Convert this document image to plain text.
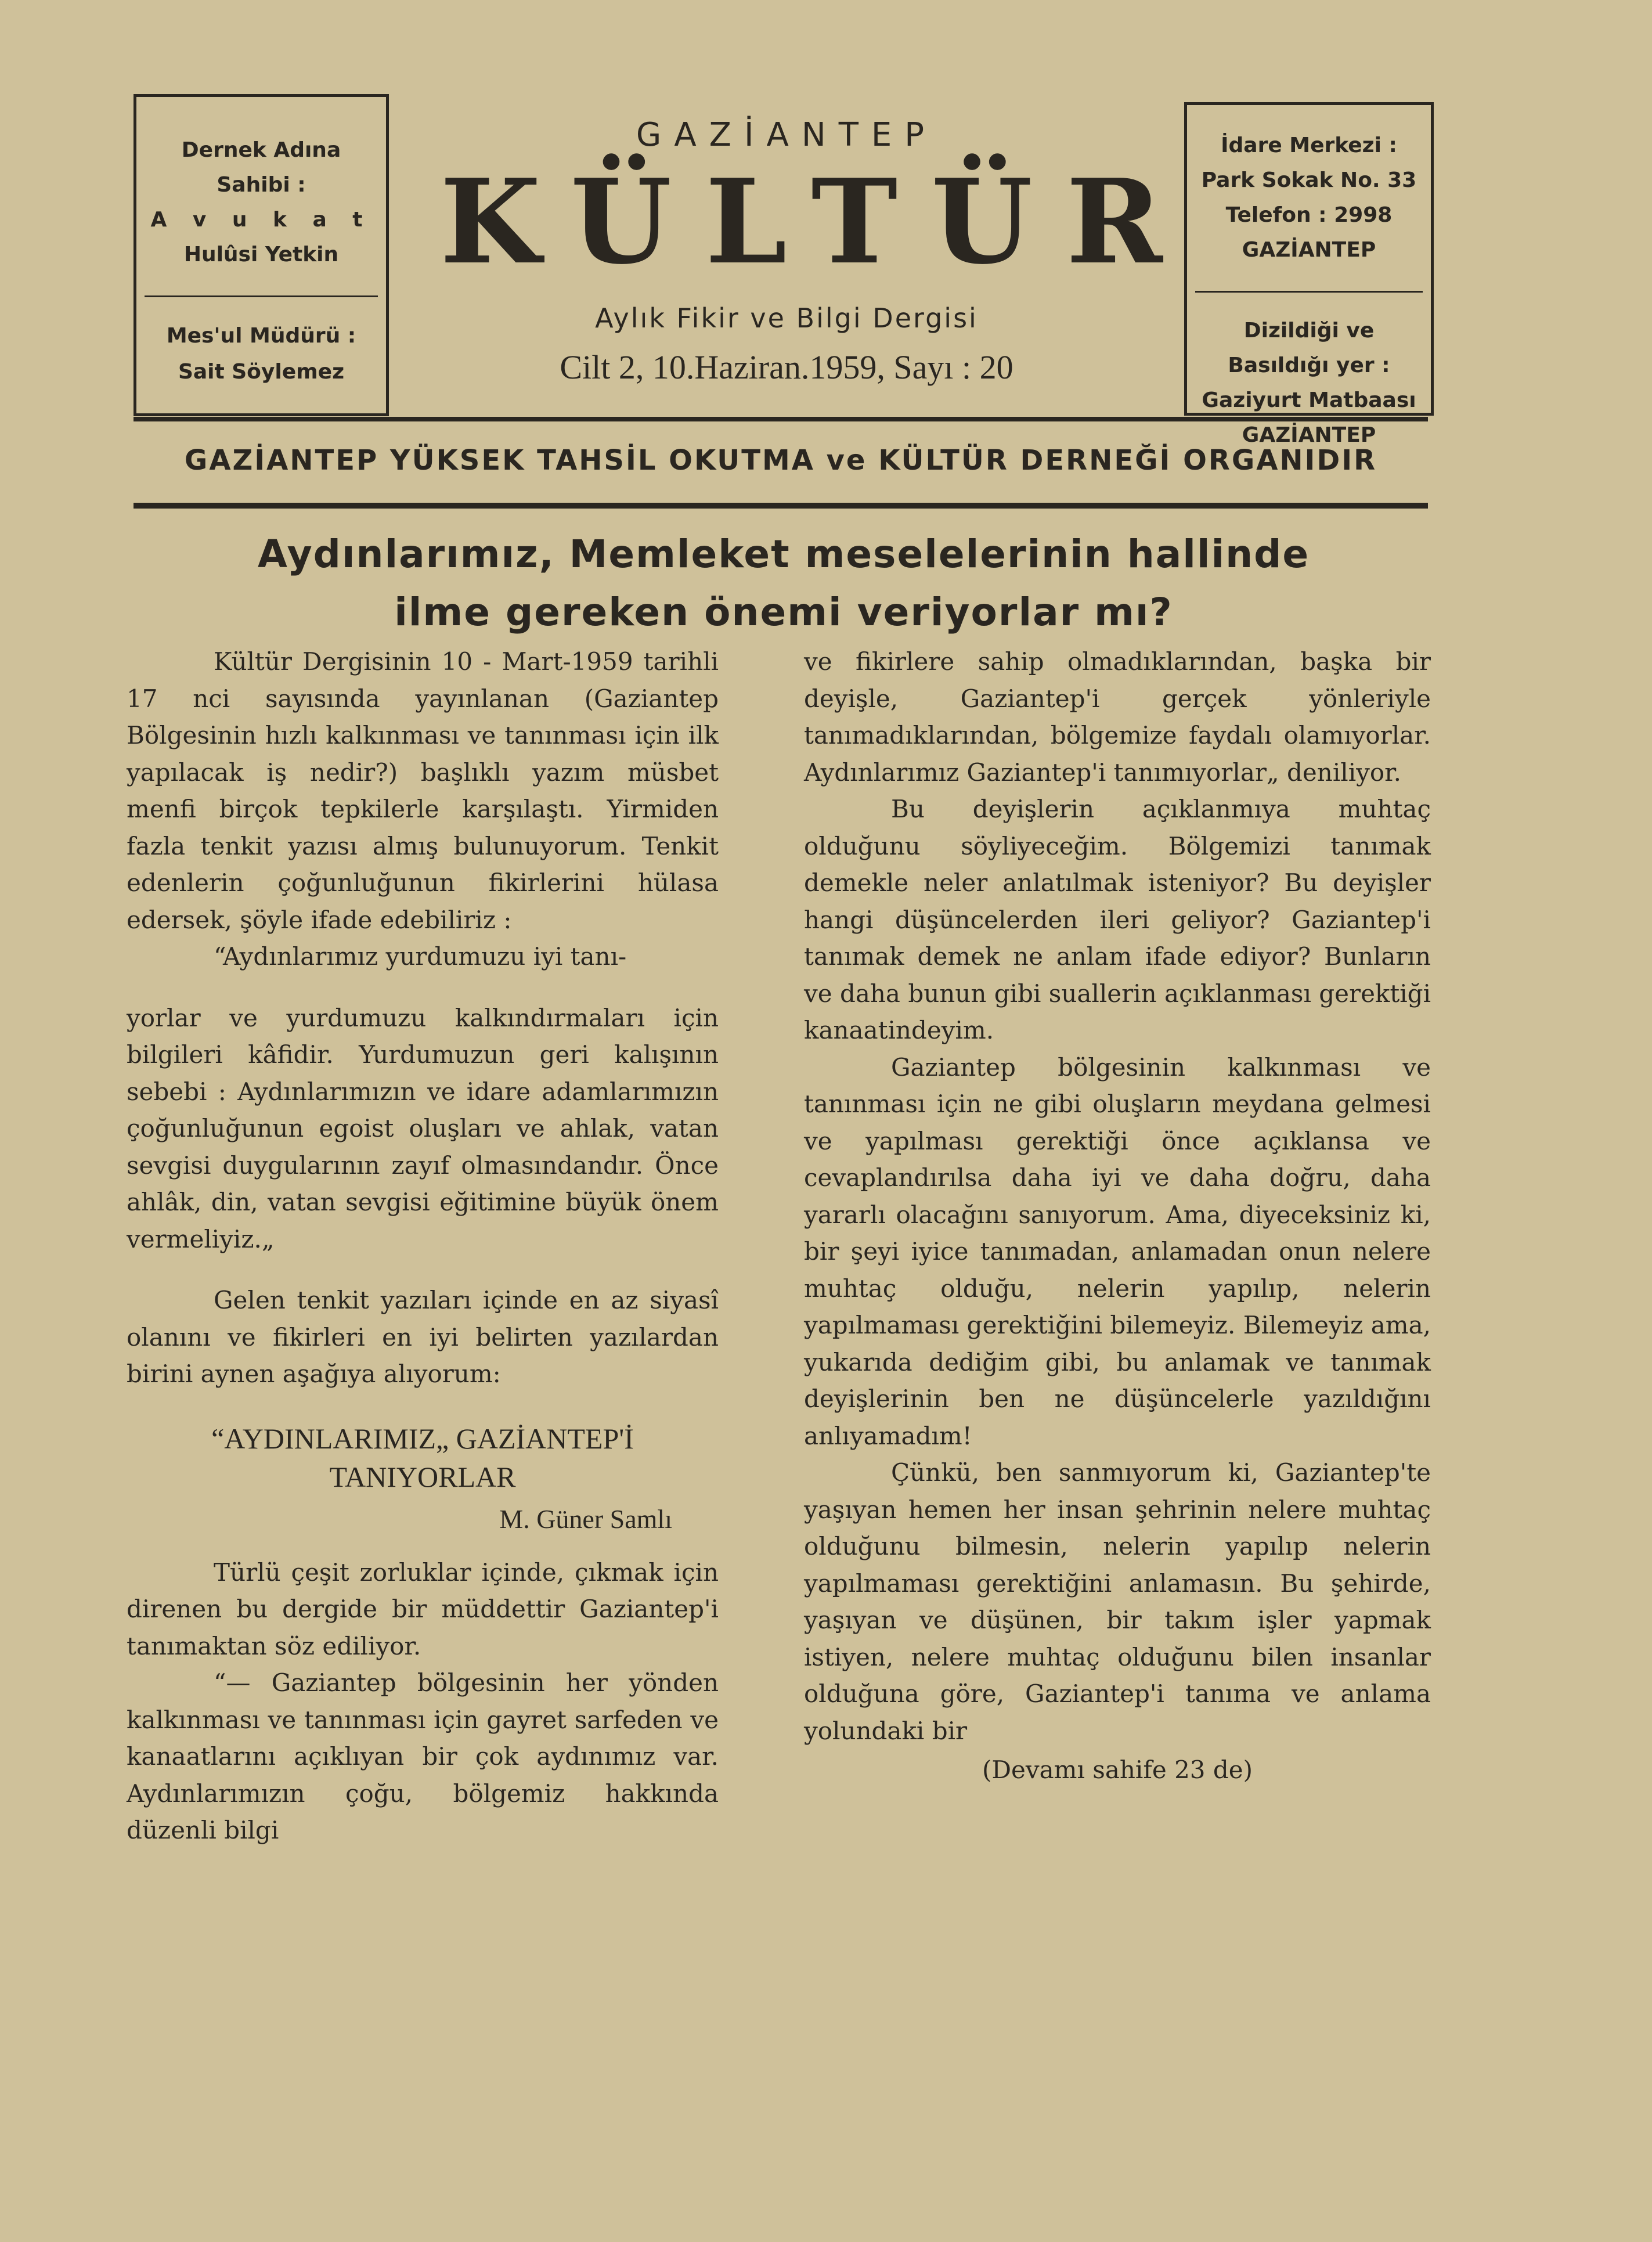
Dernek Adına
Sahibi :
A v u k a t
Hulûsi Yetkin
Mes'ul Müdürü :
Sait Söylemez
GAZİANTEP
KÜLTÜR
Aylık Fikir ve Bilgi Dergisi
Cilt 2, 10.Haziran.1959, Sayı : 20
İdare Merkezi :
Park Sokak No. 33
Telefon : 2998
GAZİANTEP
Dizildiği ve
Basıldığı yer :
Gaziyurt Matbaası
GAZİANTEP
GAZİANTEP YÜKSEK TAHSİL OKUTMA ve KÜLTÜR DERNEĞİ ORGANIDIR
Aydınlarımız, Memleket meselelerinin hallinde
ilme gereken önemi veriyorlar mı?

Kültür Dergisinin 10 - Mart-1959 tarihli 17 nci sayısında yayınlanan (Gaziantep Bölgesinin hızlı kalkınması ve tanınması için ilk yapılacak iş nedir?) başlıklı yazım müsbet menfi birçok tepkilerle karşılaştı. Yirmiden fazla tenkit yazısı almış bulunuyorum. Tenkit edenlerin çoğunluğunun fikirlerini hülasa edersek, şöyle ifade edebiliriz :

“Aydınlarımız yurdumuzu iyi tanı-

yorlar ve yurdumuzu kalkındırmaları için bilgileri kâfidir. Yurdumuzun geri kalışının sebebi : Aydınlarımızın ve idare adamlarımızın çoğunluğunun egoist oluşları ve ahlak, vatan sevgisi duygularının zayıf olmasındandır. Önce ahlâk, din, vatan sevgisi eğitimine büyük önem vermeliyiz.„

Gelen tenkit yazıları içinde en az siyasî olanını ve fikirleri en iyi belirten yazılardan birini aynen aşağıya alıyorum:

“AYDINLARIMIZ„ GAZİANTEP'İ
TANIYORLAR
M. Güner Samlı

Türlü çeşit zorluklar içinde, çıkmak için direnen bu dergide bir müddettir Gaziantep'i tanımaktan söz ediliyor.

“— Gaziantep bölgesinin her yönden kalkınması ve tanınması için gayret sarfeden ve kanaatlarını açıklıyan bir çok aydınımız var. Aydınlarımızın çoğu, bölgemiz hakkında düzenli bilgi

ve fikirlere sahip olmadıklarından, başka bir deyişle, Gaziantep'i gerçek yönleriyle tanımadıklarından, bölgemize faydalı olamıyorlar. Aydınlarımız Gaziantep'i tanımıyorlar„ deniliyor.

Bu deyişlerin açıklanmıya muhtaç olduğunu söyliyeceğim. Bölgemizi tanımak demekle neler anlatılmak isteniyor? Bu deyişler hangi düşüncelerden ileri geliyor? Gaziantep'i tanımak demek ne anlam ifade ediyor? Bunların ve daha bunun gibi suallerin açıklanması gerektiği kanaatindeyim.

Gaziantep bölgesinin kalkınması ve tanınması için ne gibi oluşların meydana gelmesi ve yapılması gerektiği önce açıklansa ve cevaplandırılsa daha iyi ve daha doğru, daha yararlı olacağını sanıyorum. Ama, diyeceksiniz ki, bir şeyi iyice tanımadan, anlamadan onun nelere muhtaç olduğu, nelerin yapılıp, nelerin yapılmaması gerektiğini bilemeyiz. Bilemeyiz ama, yukarıda dediğim gibi, bu anlamak ve tanımak deyişlerinin ben ne düşüncelerle yazıldığını anlıyamadım!

Çünkü, ben sanmıyorum ki, Gaziantep'te yaşıyan hemen her insan şehrinin nelere muhtaç olduğunu bilmesin, nelerin yapılıp nelerin yapılmaması gerektiğini anlamasın. Bu şehirde, yaşıyan ve düşünen, bir takım işler yapmak istiyen, nelere muhtaç olduğunu bilen insanlar olduğuna göre, Gaziantep'i tanıma ve anlama yolundaki bir

(Devamı sahife 23 de)
